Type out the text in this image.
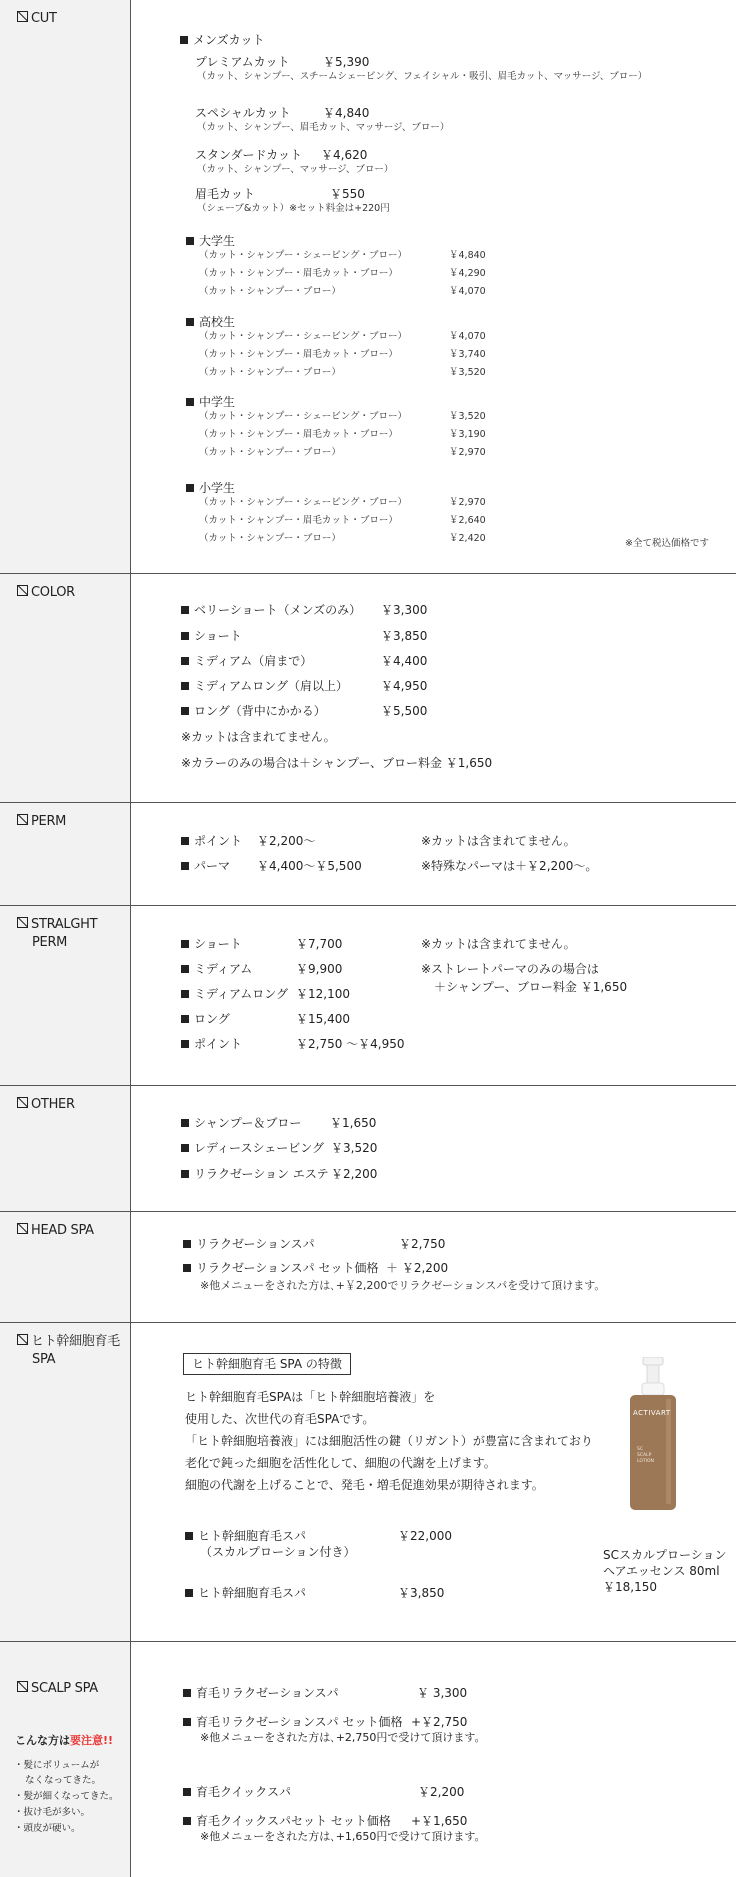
CUT
メンズカット
プレミアムカット	￥5,390
（カット、シャンプー、スチームシェービング、フェイシャル・吸引、眉毛カット、マッサージ、ブロー）
スペシャルカット	￥4,840
（カット、シャンプー、眉毛カット、マッサージ、ブロー）
スタンダードカット ￥4,620
（カット、シャンプー、マッサージ、ブロー）
眉毛カット	￥550
（シェーブ&カット）※セット料金は+220円
大学生
（カット・シャンプー・シェービング・ブロー）	￥4,840
（カット・シャンプー・眉毛カット・ブロー）	￥4,290
（カット・シャンプー・ブロー）	￥4,070
高校生
（カット・シャンプー・シェービング・ブロー）	￥4,070
（カット・シャンプー・眉毛カット・ブロー）	￥3,740
（カット・シャンプー・ブロー）	￥3,520
中学生
（カット・シャンプー・シェービング・ブロー）	￥3,520
（カット・シャンプー・眉毛カット・ブロー）	￥3,190
（カット・シャンプー・ブロー）	￥2,970
小学生
（カット・シャンプー・シェービング・ブロー）	￥2,970
（カット・シャンプー・眉毛カット・ブロー）	￥2,640
（カット・シャンプー・ブロー）	￥2,420	※全て税込価格です
COLOR
ベリーショート（メンズのみ） ￥3,300
ショート	￥3,850
ミディアム（肩まで）	￥4,400
ミディアムロング（肩以上）	￥4,950
ロング（背中にかかる）	￥5,500
※カットは含まれてません。
※カラーのみの場合は＋シャンプー、ブロー料金 ￥1,650
PERM
ポイント ￥2,200～	※カットは含まれてません。
パーマ ￥4,400～￥5,500	※特殊なパーマは＋￥2,200～。
STRALGHT
PERM	ショート	￥7,700
ミディアム	￥9,900
ミディアムロング ￥12,100
ロング	￥15,400
ポイント	￥2,750 ～￥4,950
※カットは含まれてません。
※ストレートパーマのみの場合は
＋シャンプー、ブロー料金 ￥1,650
OTHER
シャンプー＆ブロー ￥1,650
レディースシェービング ￥3,520
リラクゼーション エステ ￥2,200
HEAD SPA
リラクゼーションスパ	￥2,750
リラクゼーションスパ セット価格 ＋ ￥2,200
※他メニューをされた方は､+￥2,200でリラクゼーションスパを受けて頂けます。
ヒト幹細胞育毛
SPA	ヒト幹細胞育毛 SPA の特徴
ヒト幹細胞育毛SPAは「ヒト幹細胞培養液」を
使用した、次世代の育毛SPAです。
「ヒト幹細胞培養液」には細胞活性の鍵（リガント）が豊富に含まれており
老化で鈍った細胞を活性化して、細胞の代謝を上げます。
細胞の代謝を上げることで、発毛・増毛促進効果が期待されます。
ヒト幹細胞育毛スパ	￥22,000
（スカルプローション付き）
ヒト幹細胞育毛スパ	￥3,850
ACTIVART
SC
SCALP
LOTION
SCスカルプローション
ヘアエッセンス 80ml
￥18,150
SCALP SPA
こんな方は要注意!!
・髪にボリュームが
なくなってきた。
・髪が細くなってきた。
・抜け毛が多い。
・頭皮が硬い。
育毛リラクゼーションスパ	￥ 3,300
育毛リラクゼーションスパ セット価格 +￥2,750
※他メニューをされた方は､+2,750円で受けて頂けます。
育毛クイックスパ	￥2,200
育毛クイックスパセット セット価格 +￥1,650
※他メニューをされた方は､+1,650円で受けて頂けます。
